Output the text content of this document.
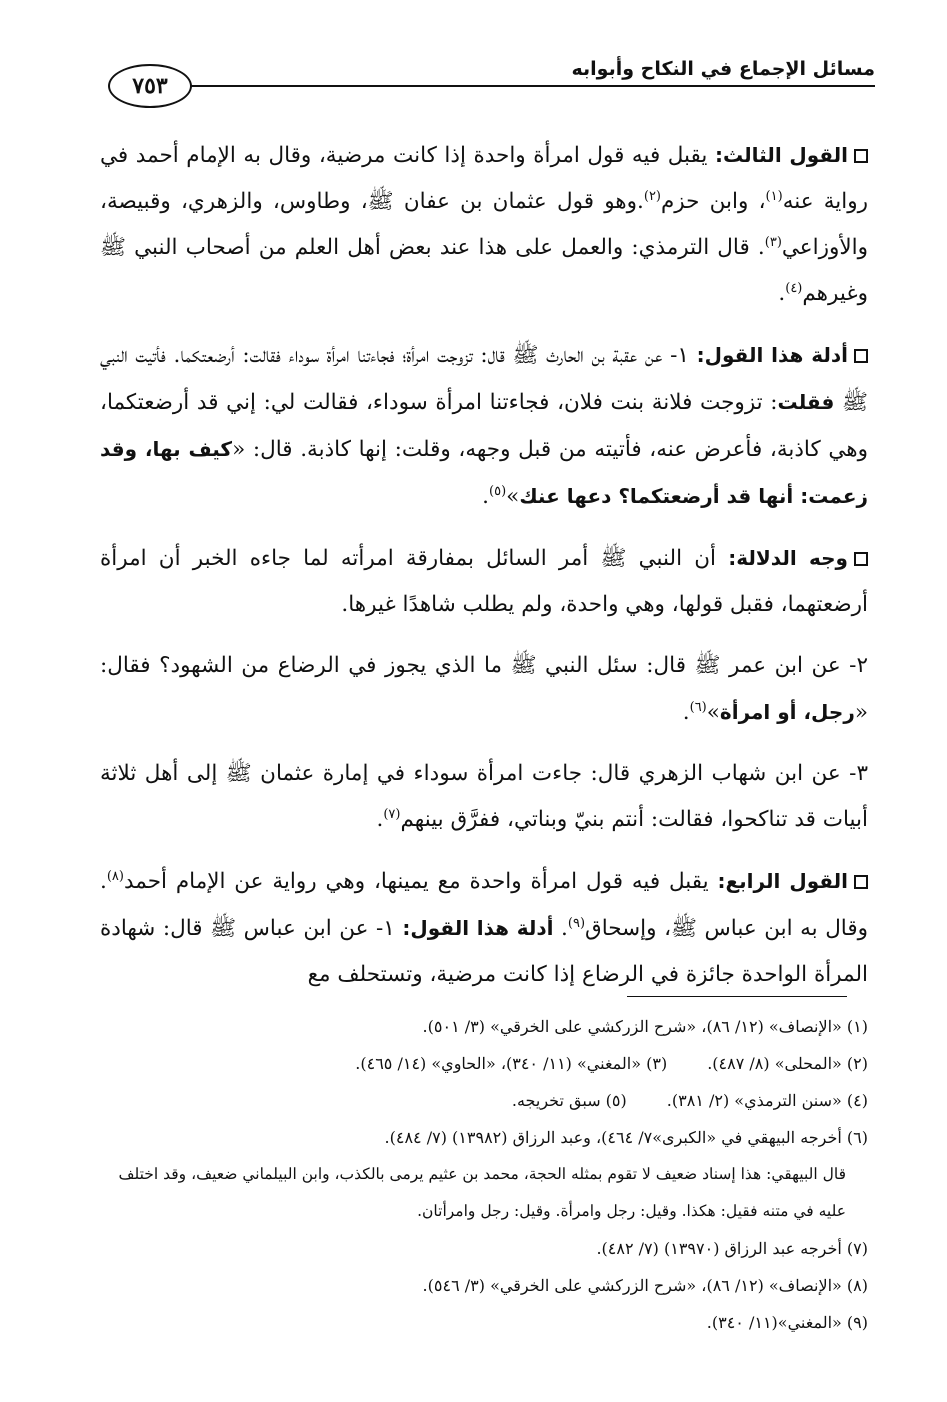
مسائل الإجماع في النكاح وأبوابه
٧٥٣

القول الثالث: يقبل فيه قول امرأة واحدة إذا كانت مرضية، وقال به الإمام أحمد في رواية عنه$^{(١)}$، وابن حزم$^{(٢)}$.وهو قول عثمان بن عفان ﷺ، وطاوس، والزهري، وقبيصة، والأوزاعي$^{(٣)}$. قال الترمذي: والعمل على هذا عند بعض أهل العلم من أصحاب النبي ﷺ وغيرهم$^{(٤)}$.

أدلة هذا القول: ١- عن عقبة بن الحارث ﷺ قال: تزوجت امرأة؛ فجاءتنا امرأة سوداء فقالت: أرضعتكما. فأتيت النبي ﷺ فقلت: تزوجت فلانة بنت فلان، فجاءتنا امرأة سوداء، فقالت لي: إني قد أرضعتكما، وهي كاذبة، فأعرض عنه، فأتيته من قبل وجهه، وقلت: إنها كاذبة. قال: «كيف بها، وقد زعمت: أنها قد أرضعتكما؟ دعها عنك»$^{(٥)}$.

وجه الدلالة: أن النبي ﷺ أمر السائل بمفارقة امرأته لما جاءه الخبر أن امرأة أرضعتهما، فقبل قولها، وهي واحدة، ولم يطلب شاهدًا غيرها.

٢- عن ابن عمر ﷺ قال: سئل النبي ﷺ ما الذي يجوز في الرضاع من الشهود؟ فقال: «رجل، أو امرأة»$^{(٦)}$.

٣- عن ابن شهاب الزهري قال: جاءت امرأة سوداء في إمارة عثمان ﷺ إلى أهل ثلاثة أبيات قد تناكحوا، فقالت: أنتم بنيّ وبناتي، ففرَّق بينهم$^{(٧)}$.

القول الرابع: يقبل فيه قول امرأة واحدة مع يمينها، وهي رواية عن الإمام أحمد$^{(٨)}$. وقال به ابن عباس ﷺ، وإسحاق$^{(٩)}$. أدلة هذا القول: ١- عن ابن عباس ﷺ قال: شهادة المرأة الواحدة جائزة في الرضاع إذا كانت مرضية، وتستحلف مع

(١) «الإنصاف» (١٢/ ٨٦)، «شرح الزركشي على الخرقي» (٣/ ٥٠١).

(٢) «المحلى» (٨/ ٤٨٧).(٣) «المغني» (١١/ ٣٤٠)، «الحاوي» (١٤/ ٤٦٥).

(٤) «سنن الترمذي» (٢/ ٣٨١).(٥) سبق تخريجه.

(٦) أخرجه البيهقي في «الكبرى»٧/ ٤٦٤)، وعبد الرزاق (١٣٩٨٢) (٧/ ٤٨٤).

قال البيهقي: هذا إسناد ضعيف لا تقوم بمثله الحجة، محمد بن عثيم يرمى بالكذب، وابن البيلماني ضعيف، وقد اختلف عليه في متنه فقيل: هكذا. وقيل: رجل وامرأة. وقيل: رجل وامرأتان.

(٧) أخرجه عبد الرزاق (١٣٩٧٠) (٧/ ٤٨٢).

(٨) «الإنصاف» (١٢/ ٨٦)، «شرح الزركشي على الخرقي» (٣/ ٥٤٦).

(٩) «المغني»(١١/ ٣٤٠).
